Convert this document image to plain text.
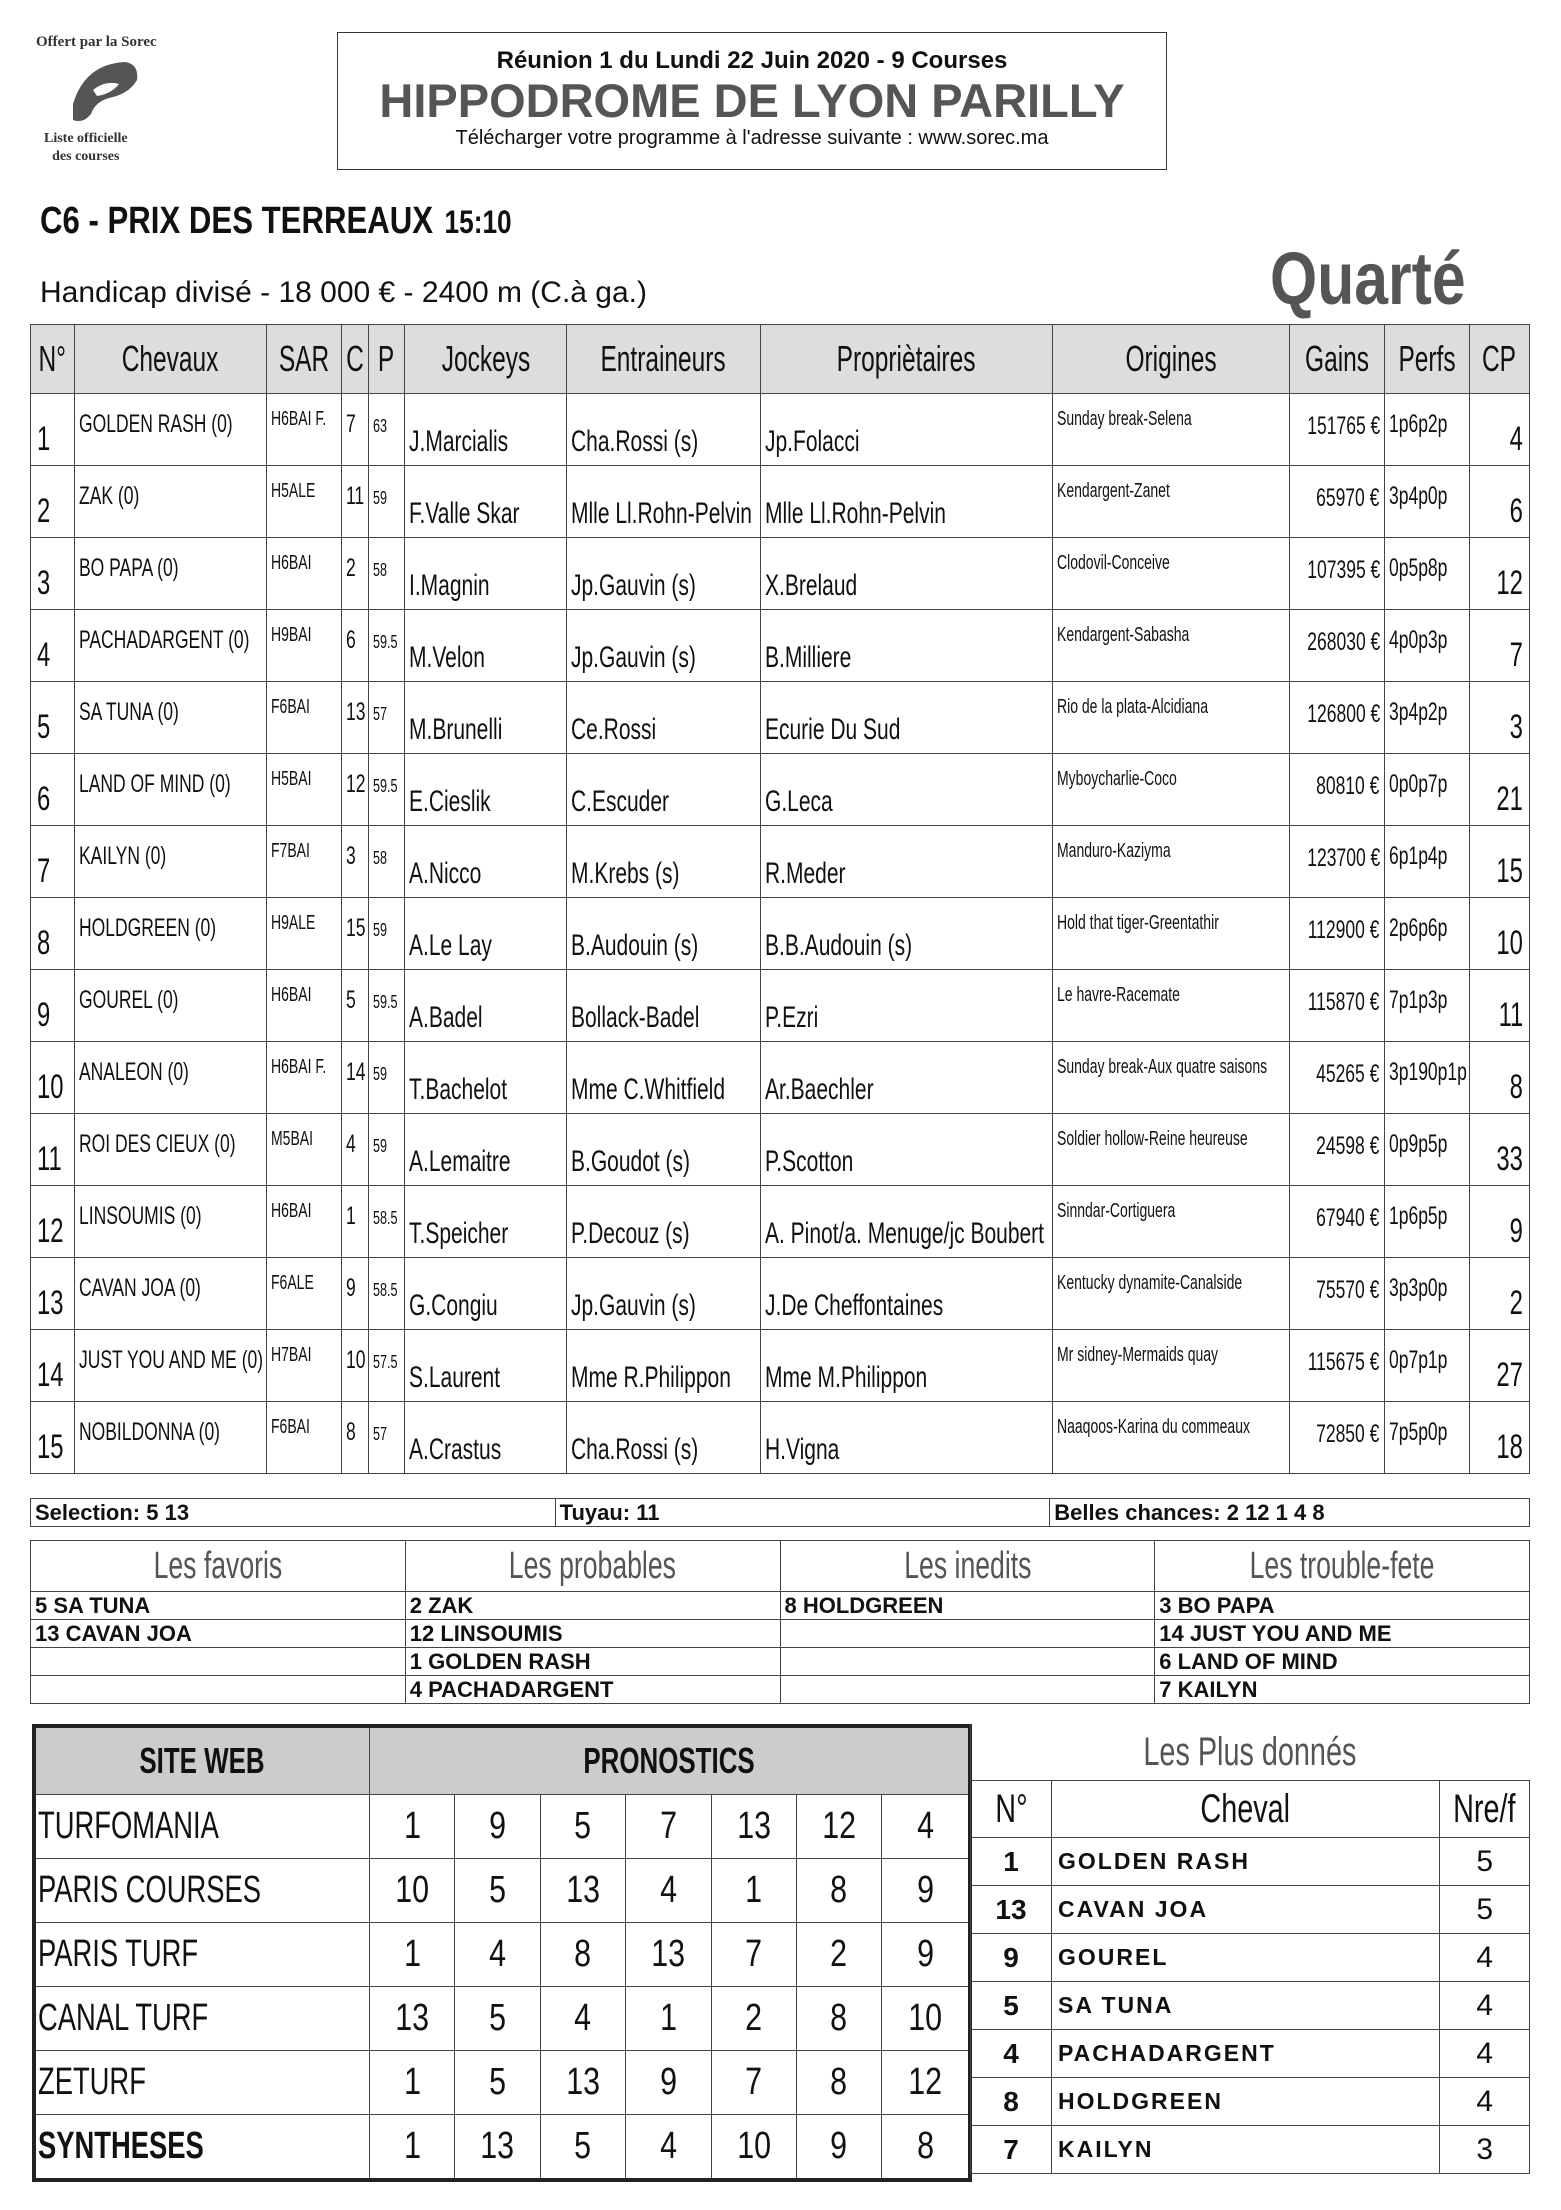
Offert par la Sorec
Liste officielle
des courses
Réunion 1 du Lundi 22 Juin 2020 - 9 Courses
HIPPODROME DE LYON PARILLY
Télécharger votre programme à l'adresse suivante : www.sorec.ma
C6 - PRIX DES TERREAUX 15:10
Handicap divisé - 18 000 € - 2400 m (C.à ga.)	Quarté
N°	Chevaux	SAR	C	P	Jockeys	Entraineurs	Propriètaires	Origines	Gains	Perfs	CP

1	GOLDEN RASH (0)	H6BAI F.	7	63	J.Marcialis	Cha.Rossi (s)	Jp.Folacci	Sunday break-Selena	151765 €	1p6p2p	4

2	ZAK (0)	H5ALE	11	59	F.Valle Skar	Mlle Ll.Rohn-Pelvin	Mlle Ll.Rohn-Pelvin	Kendargent-Zanet	65970 €	3p4p0p	6

3	BO PAPA (0)	H6BAI	2	58	I.Magnin	Jp.Gauvin (s)	X.Brelaud	Clodovil-Conceive	107395 €	0p5p8p	12

4	PACHADARGENT (0)	H9BAI	6	59.5	M.Velon	Jp.Gauvin (s)	B.Milliere	Kendargent-Sabasha	268030 €	4p0p3p	7

5	SA TUNA (0)	F6BAI	13	57	M.Brunelli	Ce.Rossi	Ecurie Du Sud	Rio de la plata-Alcidiana	126800 €	3p4p2p	3

6	LAND OF MIND (0)	H5BAI	12	59.5	E.Cieslik	C.Escuder	G.Leca	Myboycharlie-Coco	80810 €	0p0p7p	21

7	KAILYN (0)	F7BAI	3	58	A.Nicco	M.Krebs (s)	R.Meder	Manduro-Kaziyma	123700 €	6p1p4p	15

8	HOLDGREEN (0)	H9ALE	15	59	A.Le Lay	B.Audouin (s)	B.B.Audouin (s)	Hold that tiger-Greentathir	112900 €	2p6p6p	10

9	GOUREL (0)	H6BAI	5	59.5	A.Badel	Bollack-Badel	P.Ezri	Le havre-Racemate	115870 €	7p1p3p	11

10	ANALEON (0)	H6BAI F.	14	59	T.Bachelot	Mme C.Whitfield	Ar.Baechler	Sunday break-Aux quatre saisons	45265 €	3p190p1p	8

11	ROI DES CIEUX (0)	M5BAI	4	59	A.Lemaitre	B.Goudot (s)	P.Scotton	Soldier hollow-Reine heureuse	24598 €	0p9p5p	33

12	LINSOUMIS (0)	H6BAI	1	58.5	T.Speicher	P.Decouz (s)	A. Pinot/a. Menuge/jc Boubert	Sinndar-Cortiguera	67940 €	1p6p5p	9

13	CAVAN JOA (0)	F6ALE	9	58.5	G.Congiu	Jp.Gauvin (s)	J.De Cheffontaines	Kentucky dynamite-Canalside	75570 €	3p3p0p	2

14	JUST YOU AND ME (0)	H7BAI	10	57.5	S.Laurent	Mme R.Philippon	Mme M.Philippon	Mr sidney-Mermaids quay	115675 €	0p7p1p	27

15	NOBILDONNA (0)	F6BAI	8	57	A.Crastus	Cha.Rossi (s)	H.Vigna	Naaqoos-Karina du commeaux	72850 €	7p5p0p	18
Selection: 5 13	Tuyau: 11	Belles chances: 2 12 1 4 8
Les favoris	Les probables	Les inedits	Les trouble-fete
5 SA TUNA	2 ZAK	8 HOLDGREEN	3 BO PAPA
13 CAVAN JOA	12 LINSOUMIS		14 JUST YOU AND ME
	1 GOLDEN RASH		6 LAND OF MIND
	4 PACHADARGENT		7 KAILYN
SITE WEB	PRONOSTICS						
TURFOMANIA	1	9	5	7	13	12	4
PARIS COURSES	10	5	13	4	1	8	9
PARIS TURF	1	4	8	13	7	2	9
CANAL TURF	13	5	4	1	2	8	10
ZETURF	1	5	13	9	7	8	12
SYNTHESES	1	13	5	4	10	9	8
Les Plus donnés		
N°	Cheval	Nre/f
1	GOLDEN RASH	5
13	CAVAN JOA	5
9	GOUREL	4
5	SA TUNA	4
4	PACHADARGENT	4
8	HOLDGREEN	4
7	KAILYN	3
